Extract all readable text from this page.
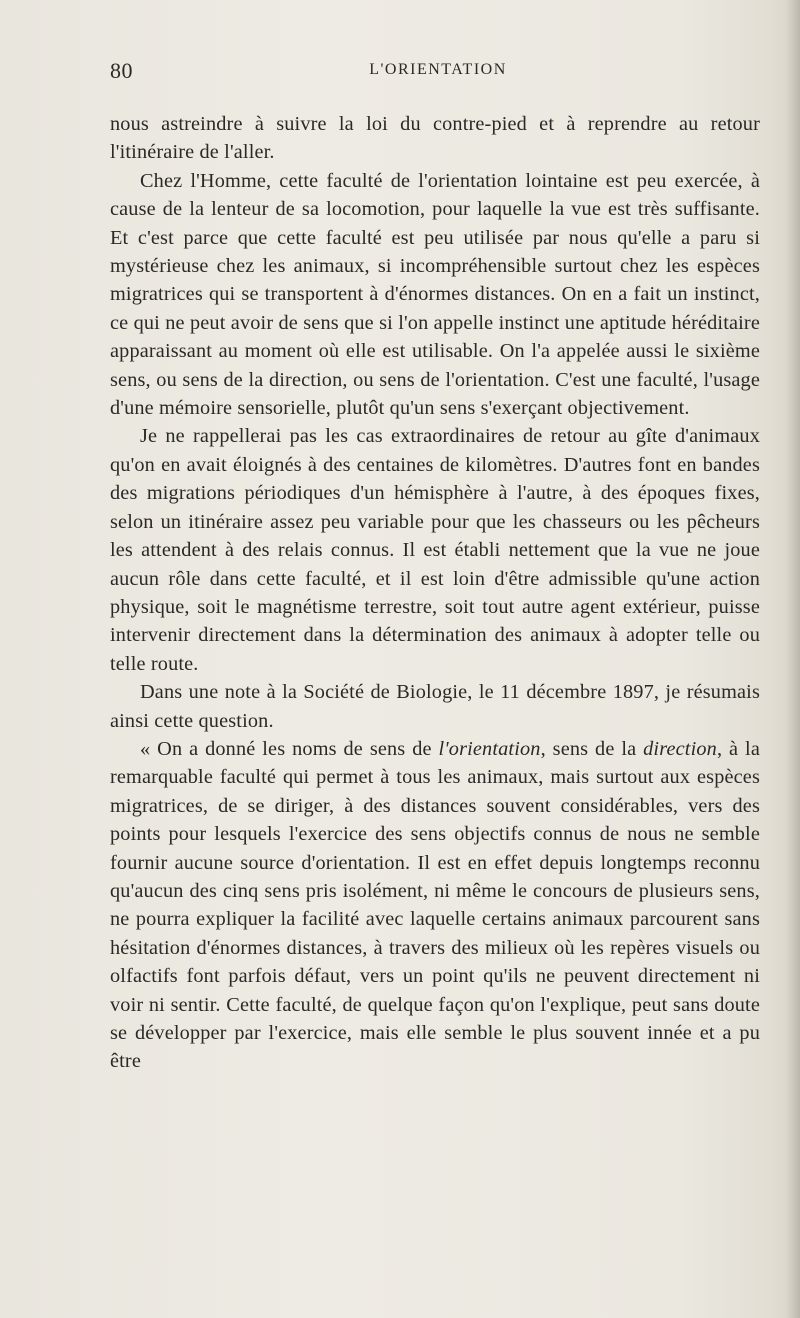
80	L'ORIENTATION

nous astreindre à suivre la loi du contre-pied et à reprendre au retour l'itinéraire de l'aller.

Chez l'Homme, cette faculté de l'orientation lointaine est peu exercée, à cause de la lenteur de sa locomotion, pour laquelle la vue est très suffisante. Et c'est parce que cette faculté est peu utilisée par nous qu'elle a paru si mystérieuse chez les animaux, si incompréhensible surtout chez les espèces migratrices qui se transportent à d'énormes distances. On en a fait un instinct, ce qui ne peut avoir de sens que si l'on appelle instinct une aptitude héréditaire apparaissant au moment où elle est utilisable. On l'a appelée aussi le sixième sens, ou sens de la direction, ou sens de l'orientation. C'est une faculté, l'usage d'une mémoire sensorielle, plutôt qu'un sens s'exerçant objectivement.

Je ne rappellerai pas les cas extraordinaires de retour au gîte d'animaux qu'on en avait éloignés à des centaines de kilomètres. D'autres font en bandes des migrations périodiques d'un hémisphère à l'autre, à des époques fixes, selon un itinéraire assez peu variable pour que les chasseurs ou les pêcheurs les attendent à des relais connus. Il est établi nettement que la vue ne joue aucun rôle dans cette faculté, et il est loin d'être admissible qu'une action physique, soit le magnétisme terrestre, soit tout autre agent extérieur, puisse intervenir directement dans la détermination des animaux à adopter telle ou telle route.

Dans une note à la Société de Biologie, le 11 décembre 1897, je résumais ainsi cette question.

« On a donné les noms de sens de l'orientation, sens de la direction, à la remarquable faculté qui permet à tous les animaux, mais surtout aux espèces migratrices, de se diriger, à des distances souvent considérables, vers des points pour lesquels l'exercice des sens objectifs connus de nous ne semble fournir aucune source d'orientation. Il est en effet depuis longtemps reconnu qu'aucun des cinq sens pris isolément, ni même le concours de plusieurs sens, ne pourra expliquer la facilité avec laquelle certains animaux parcourent sans hésitation d'énormes distances, à travers des milieux où les repères visuels ou olfactifs font parfois défaut, vers un point qu'ils ne peuvent directement ni voir ni sentir. Cette faculté, de quelque façon qu'on l'explique, peut sans doute se développer par l'exercice, mais elle semble le plus souvent innée et a pu être
